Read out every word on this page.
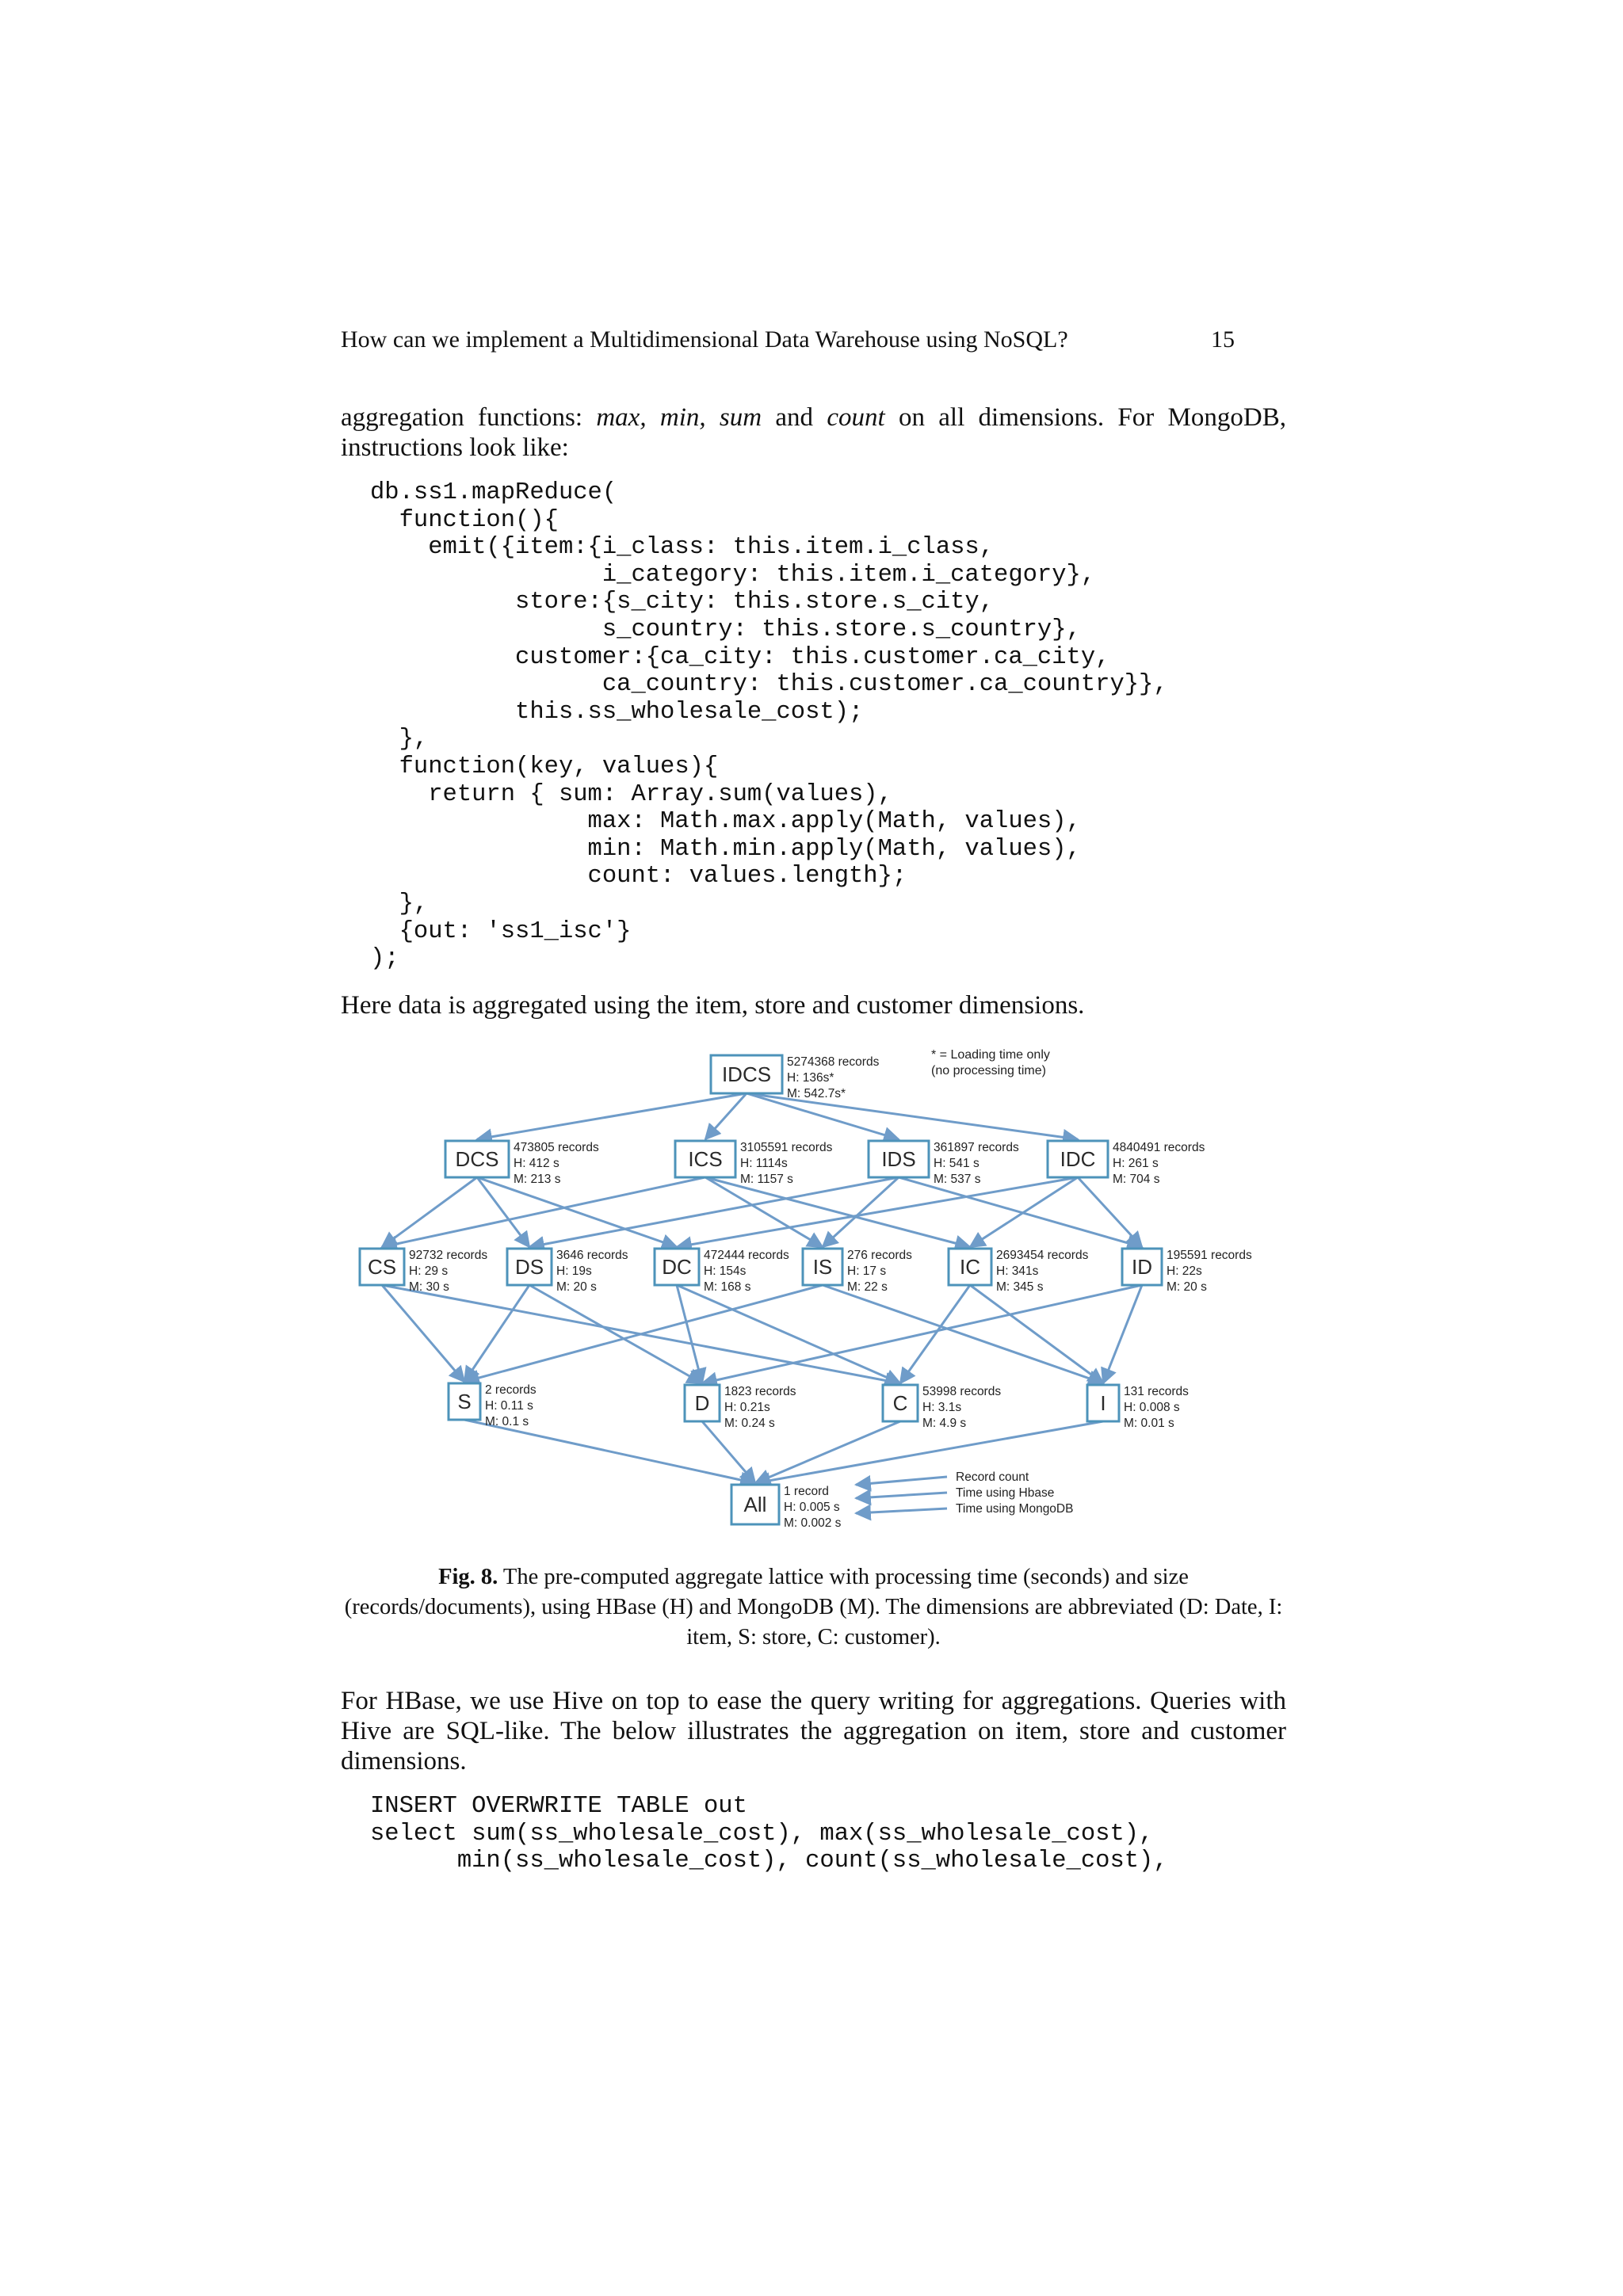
How can we implement a Multidimensional Data Warehouse using NoSQL?	15

aggregation functions: max, min, sum and count on all dimensions. For MongoDB, instructions look like:

db.ss1.mapReduce(
function(){
emit({item:{i_class: this.item.i_class,
i_category: this.item.i_category},
store:{s_city: this.store.s_city,
s_country: this.store.s_country},
customer:{ca_city: this.customer.ca_city,
ca_country: this.customer.ca_country}},
this.ss_wholesale_cost);
},
function(key, values){
return { sum: Array.sum(values),
max: Math.max.apply(Math, values),
min: Math.min.apply(Math, values),
count: values.length};
},
{out: 'ss1_isc'}
);

Here data is aggregated using the item, store and customer dimensions.

IDCS
5274368 records
H: 136s*
M: 542.7s*
DCS 473805 records
H: 412 s
M: 213 s
ICS 3105591 records
H: 1114s
M: 1157 s
IDS 361897 records
H: 541 s
M: 537 s
IDC 4840491 records
H: 261 s
M: 704 s
CS 92732 records
H: 29 s
M: 30 s
DS 3646 records
H: 19s
M: 20 s
DC 472444 records
H: 154s
M: 168 s
IS 276 records
H: 17 s
M: 22 s
IC 2693454 records
H: 341s
M: 345 s
ID 195591 records
H: 22s
M: 20 s
S 2 records
H: 0.11 s
M: 0.1 s
D 1823 records
H: 0.21s
M: 0.24 s
C 53998 records
H: 3.1s
M: 4.9 s
I 131 records
H: 0.008 s
M: 0.01 s
All
1 record
H: 0.005 s
M: 0.002 s
* = Loading time only
(no processing time)
Record count
Time using Hbase
Time using MongoDB
Fig. 8. The pre-computed aggregate lattice with processing time (seconds) and size (records/documents), using HBase (H) and MongoDB (M). The dimensions are abbreviated (D: Date, I: item, S: store, C: customer).

For HBase, we use Hive on top to ease the query writing for aggregations. Queries with Hive are SQL-like. The below illustrates the aggregation on item, store and customer dimensions.

INSERT OVERWRITE TABLE out
select sum(ss_wholesale_cost), max(ss_wholesale_cost),
min(ss_wholesale_cost), count(ss_wholesale_cost),
